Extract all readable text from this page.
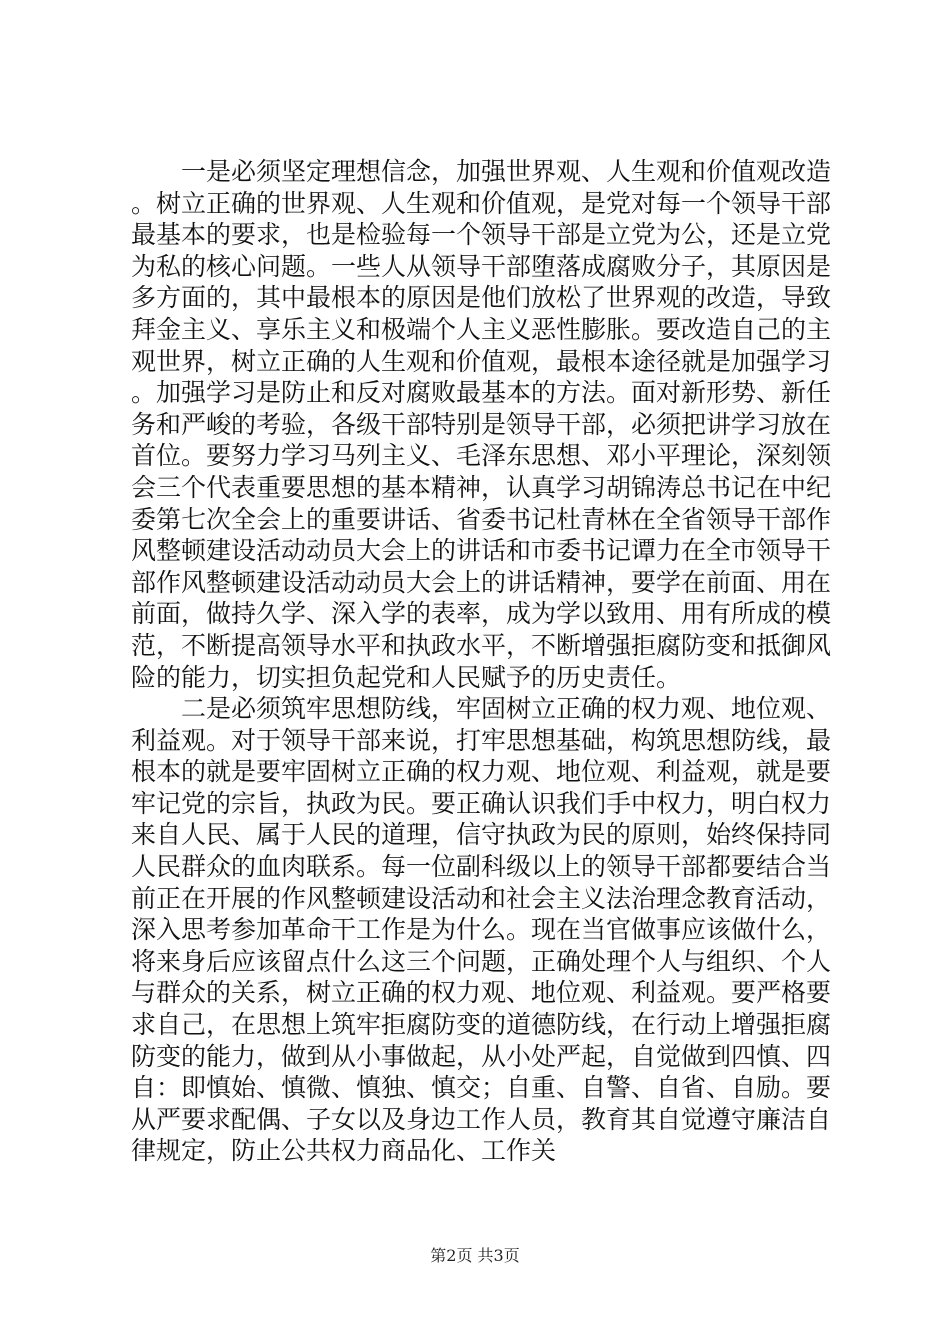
一是必须坚定理想信念，加强世界观、人生观和价值观改造。树立正确的世界观、人生观和价值观，是党对每一个领导干部最基本的要求，也是检验每一个领导干部是立党为公，还是立党为私的核心问题。一些人从领导干部堕落成腐败分子，其原因是多方面的，其中最根本的原因是他们放松了世界观的改造，导致拜金主义、享乐主义和极端个人主义恶性膨胀。要改造自己的主观世界，树立正确的人生观和价值观，最根本途径就是加强学习。加强学习是防止和反对腐败最基本的方法。面对新形势、新任务和严峻的考验，各级干部特别是领导干部，必须把讲学习放在首位。要努力学习马列主义、毛泽东思想、邓小平理论，深刻领会三个代表重要思想的基本精神，认真学习胡锦涛总书记在中纪委第七次全会上的重要讲话、省委书记杜青林在全省领导干部作风整顿建设活动动员大会上的讲话和市委书记谭力在全市领导干部作风整顿建设活动动员大会上的讲话精神，要学在前面、用在前面，做持久学、深入学的表率，成为学以致用、用有所成的模范，不断提高领导水平和执政水平，不断增强拒腐防变和抵御风险的能力，切实担负起党和人民赋予的历史责任。

二是必须筑牢思想防线，牢固树立正确的权力观、地位观、利益观。对于领导干部来说，打牢思想基础，构筑思想防线，最根本的就是要牢固树立正确的权力观、地位观、利益观，就是要牢记党的宗旨，执政为民。要正确认识我们手中权力，明白权力来自人民、属于人民的道理，信守执政为民的原则，始终保持同人民群众的血肉联系。每一位副科级以上的领导干部都要结合当前正在开展的作风整顿建设活动和社会主义法治理念教育活动，深入思考参加革命干工作是为什么。现在当官做事应该做什么，将来身后应该留点什么这三个问题，正确处理个人与组织、个人与群众的关系，树立正确的权力观、地位观、利益观。要严格要求自己，在思想上筑牢拒腐防变的道德防线，在行动上增强拒腐防变的能力，做到从小事做起，从小处严起，自觉做到四慎、四自：即慎始、慎微、慎独、慎交；自重、自警、自省、自励。要从严要求配偶、子女以及身边工作人员，教育其自觉遵守廉洁自律规定，防止公共权力商品化、工作关

第2页 共3页
